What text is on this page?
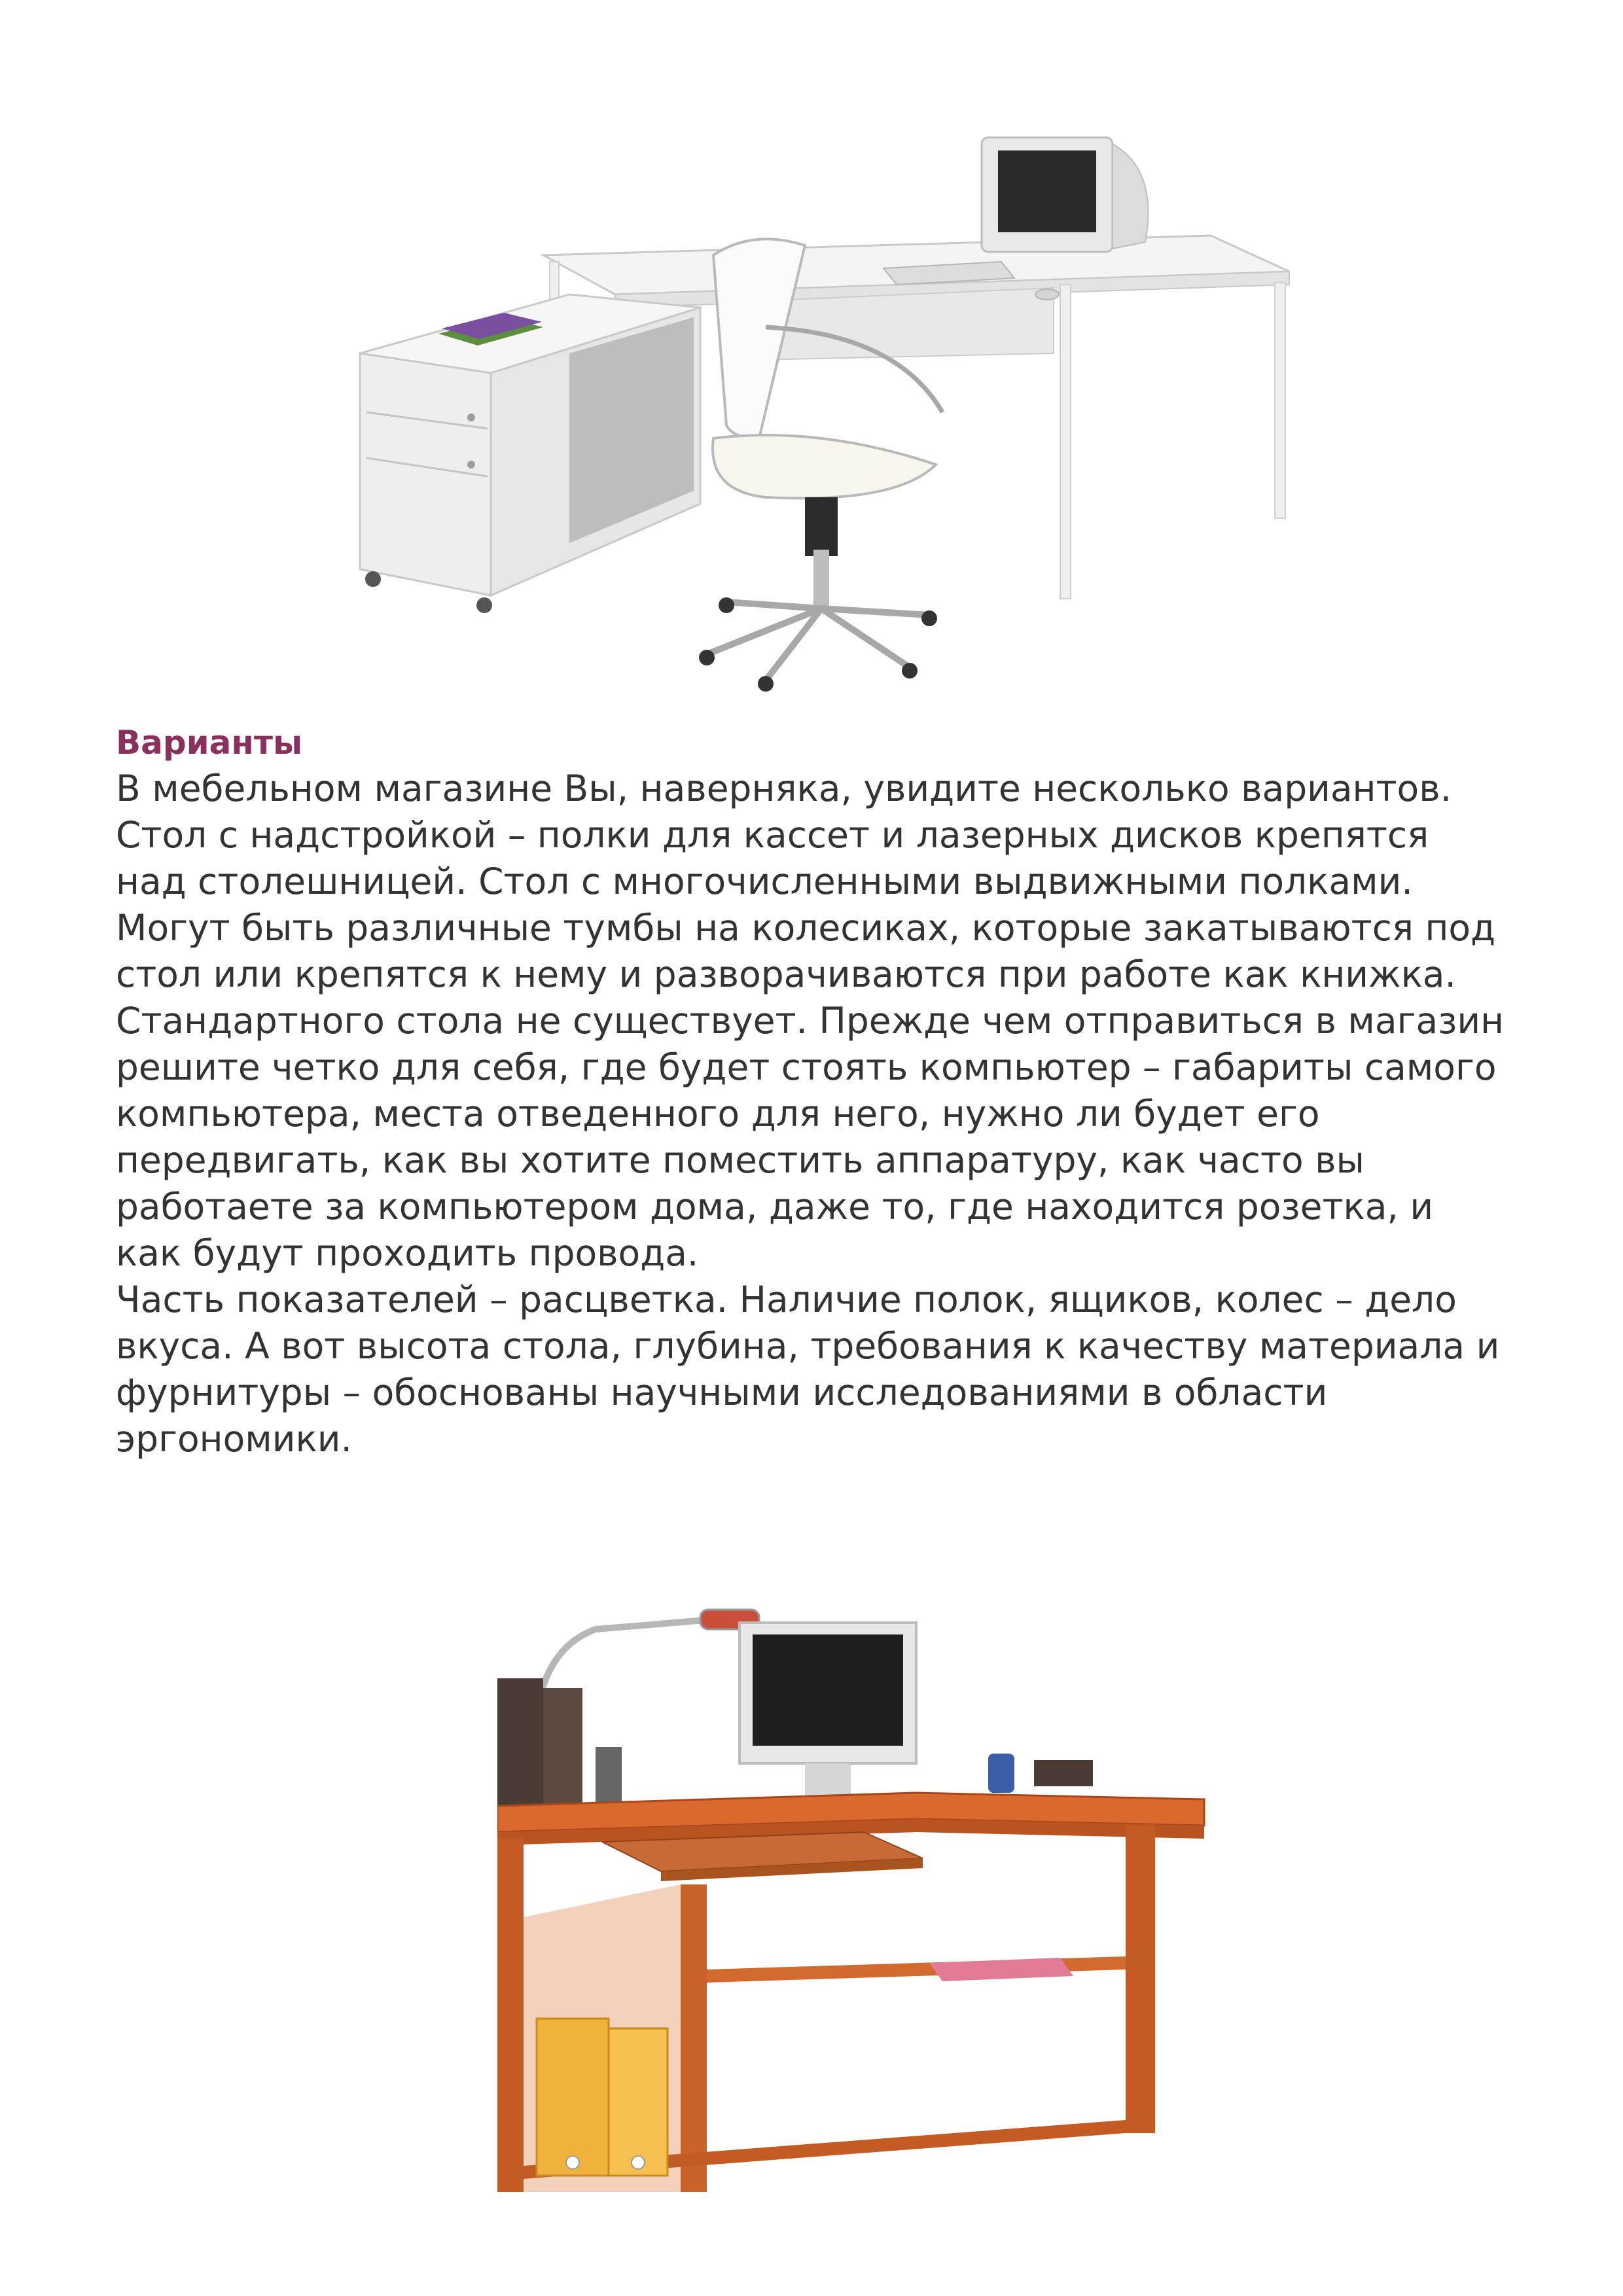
Варианты

В мебельном магазине Вы, наверняка, увидите несколько вариантов. Стол с надстройкой – полки для кассет и лазерных дисков крепятся над столешницей. Стол с многочисленными выдвижными полками. Могут быть различные тумбы на колесиках, которые закатываются под стол или крепятся к нему и разворачиваются при работе как книжка. Стандартного стола не существует. Прежде чем отправиться в магазин решите четко для себя, где будет стоять компьютер – габариты самого компьютера, места отведенного для него, нужно ли будет его передвигать, как вы хотите поместить аппаратуру, как часто вы работаете за компьютером дома, даже то, где находится розетка, и как будут проходить провода.

Часть показателей – расцветка. Наличие полок, ящиков, колес – дело вкуса. А вот высота стола, глубина, требования к качеству материала и фурнитуры – обоснованы научными исследованиями в области эргономики.
